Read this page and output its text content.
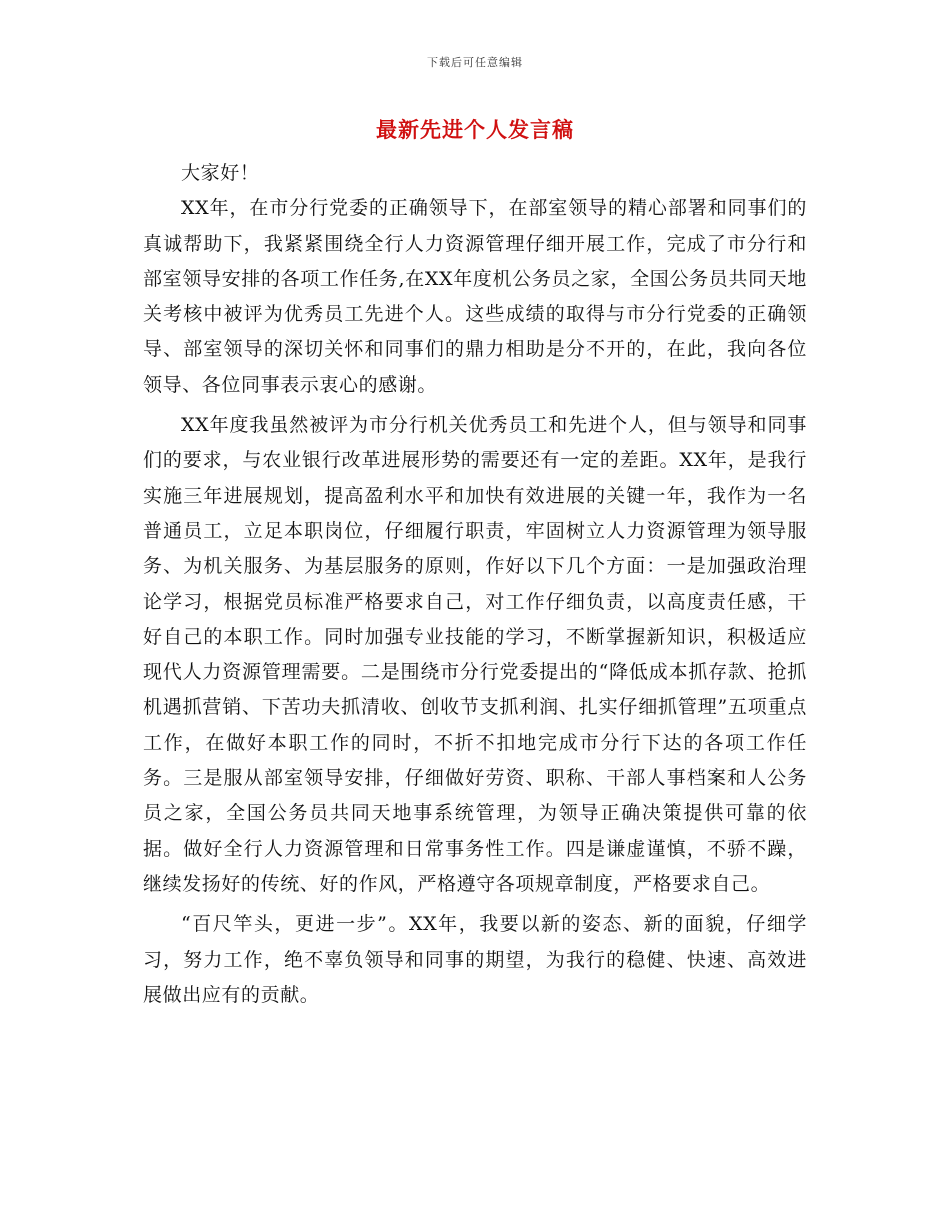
下载后可任意编辑
最新先进个人发言稿

大家好！

XX年，在市分行党委的正确领导下，在部室领导的精心部署和同事们的真诚帮助下，我紧紧围绕全行人力资源管理仔细开展工作，完成了市分行和部室领导安排的各项工作任务,在XX年度机公务员之家，全国公务员共同天地关考核中被评为优秀员工先进个人。这些成绩的取得与市分行党委的正确领导、部室领导的深切关怀和同事们的鼎力相助是分不开的，在此，我向各位领导、各位同事表示衷心的感谢。

XX年度我虽然被评为市分行机关优秀员工和先进个人，但与领导和同事们的要求，与农业银行改革进展形势的需要还有一定的差距。XX年，是我行实施三年进展规划，提高盈利水平和加快有效进展的关键一年，我作为一名普通员工，立足本职岗位，仔细履行职责，牢固树立人力资源管理为领导服务、为机关服务、为基层服务的原则，作好以下几个方面：一是加强政治理论学习，根据党员标准严格要求自己，对工作仔细负责，以高度责任感，干好自己的本职工作。同时加强专业技能的学习，不断掌握新知识，积极适应现代人力资源管理需要。二是围绕市分行党委提出的“降低成本抓存款、抢抓机遇抓营销、下苦功夫抓清收、创收节支抓利润、扎实仔细抓管理”五项重点工作，在做好本职工作的同时，不折不扣地完成市分行下达的各项工作任务。三是服从部室领导安排，仔细做好劳资、职称、干部人事档案和人公务员之家，全国公务员共同天地事系统管理，为领导正确决策提供可靠的依据。做好全行人力资源管理和日常事务性工作。四是谦虚谨慎，不骄不躁，继续发扬好的传统、好的作风，严格遵守各项规章制度，严格要求自己。

“百尺竿头，更进一步”。XX年，我要以新的姿态、新的面貌，仔细学习，努力工作，绝不辜负领导和同事的期望，为我行的稳健、快速、高效进展做出应有的贡献。
